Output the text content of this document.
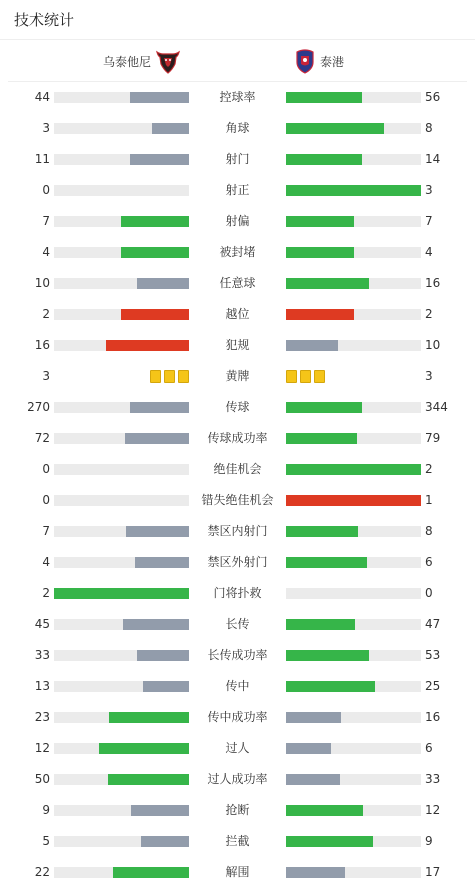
技术统计
乌泰他尼	泰港
44	控球率	56
3	角球	8
11	射门	14
0	射正	3
7	射偏	7
4	被封堵	4
10	任意球	16
2	越位	2
16	犯规	10
3	黄牌	3
270	传球	344
72	传球成功率	79
0	绝佳机会	2
0	错失绝佳机会	1
7	禁区内射门	8
4	禁区外射门	6
2	门将扑救	0
45	长传	47
33	长传成功率	53
13	传中	25
23	传中成功率	16
12	过人	6
50	过人成功率	33
9	抢断	12
5	拦截	9
22	解围	17
